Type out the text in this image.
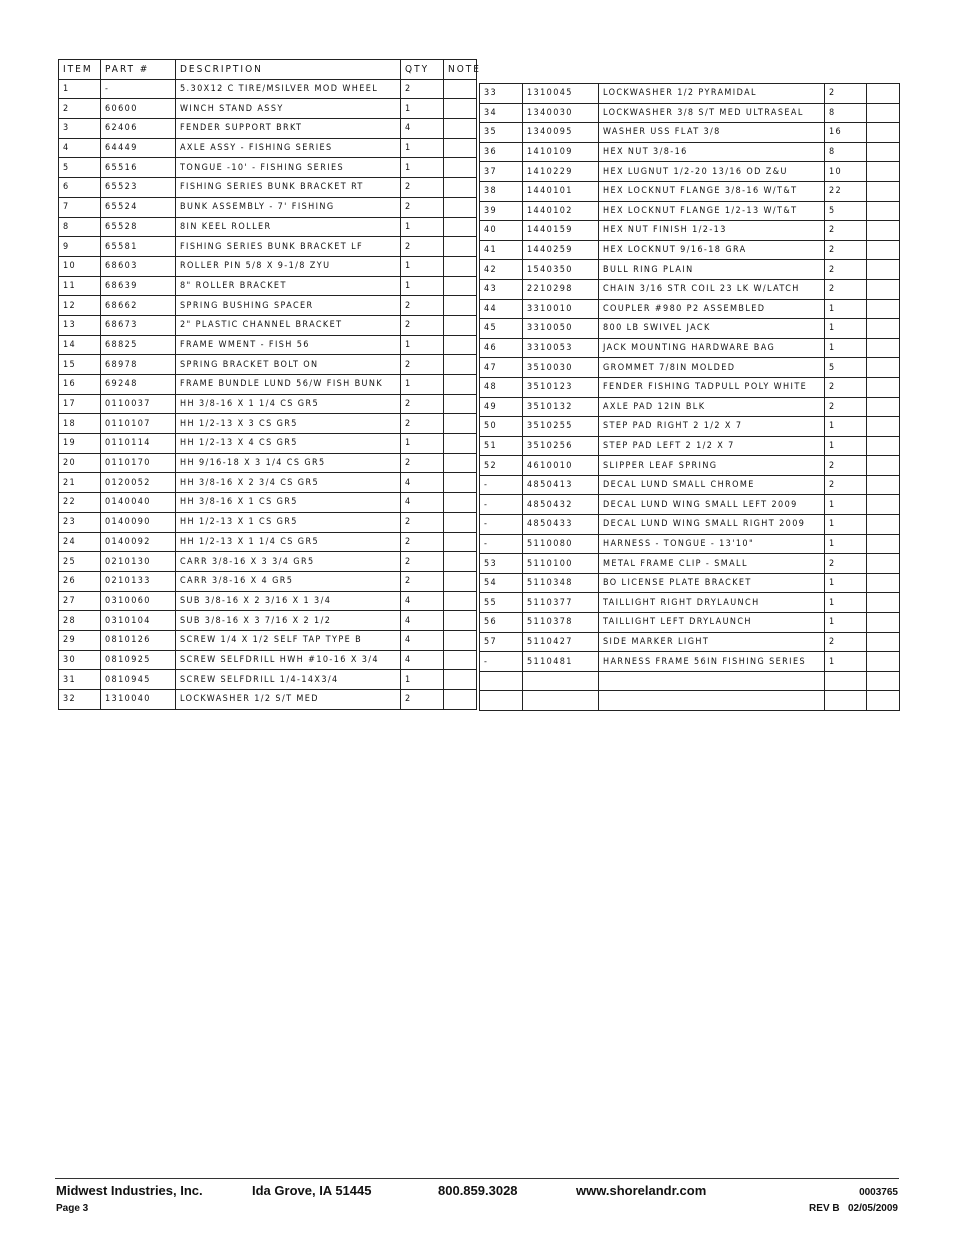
ITEM	PART #	DESCRIPTION	QTY	NOTE
1	-	5.30X12 C TIRE/MSILVER MOD WHEEL	2	
2	60600	WINCH STAND ASSY	1	
3	62406	FENDER SUPPORT BRKT	4	
4	64449	AXLE ASSY - FISHING SERIES	1	
5	65516	TONGUE -10' - FISHING SERIES	1	
6	65523	FISHING SERIES BUNK BRACKET RT	2	
7	65524	BUNK ASSEMBLY - 7' FISHING	2	
8	65528	8IN KEEL ROLLER	1	
9	65581	FISHING SERIES BUNK BRACKET LF	2	
10	68603	ROLLER PIN 5/8 X 9-1/8 ZYU	1	
11	68639	8" ROLLER BRACKET	1	
12	68662	SPRING BUSHING SPACER	2	
13	68673	2" PLASTIC CHANNEL BRACKET	2	
14	68825	FRAME WMENT - FISH 56	1	
15	68978	SPRING BRACKET BOLT ON	2	
16	69248	FRAME BUNDLE LUND 56/W FISH BUNK	1	
17	0110037	HH 3/8-16 X 1 1/4 CS GR5	2	
18	0110107	HH 1/2-13 X 3 CS GR5	2	
19	0110114	HH 1/2-13 X 4 CS GR5	1	
20	0110170	HH 9/16-18 X 3 1/4 CS GR5	2	
21	0120052	HH 3/8-16 X 2 3/4 CS GR5	4	
22	0140040	HH 3/8-16 X 1 CS GR5	4	
23	0140090	HH 1/2-13 X 1 CS GR5	2	
24	0140092	HH 1/2-13 X 1 1/4 CS GR5	2	
25	0210130	CARR 3/8-16 X 3 3/4 GR5	2	
26	0210133	CARR 3/8-16 X 4 GR5	2	
27	0310060	SUB 3/8-16 X 2 3/16 X 1 3/4	4	
28	0310104	SUB 3/8-16 X 3 7/16 X 2 1/2	4	
29	0810126	SCREW 1/4 X 1/2 SELF TAP TYPE B	4	
30	0810925	SCREW SELFDRILL HWH #10-16 X 3/4	4	
31	0810945	SCREW SELFDRILL 1/4-14X3/4	1	
32	1310040	LOCKWASHER 1/2 S/T MED	2	
33	1310045	LOCKWASHER 1/2 PYRAMIDAL	2	
34	1340030	LOCKWASHER 3/8 S/T MED ULTRASEAL	8	
35	1340095	WASHER USS FLAT 3/8	16	
36	1410109	HEX NUT 3/8-16	8	
37	1410229	HEX LUGNUT 1/2-20 13/16 OD Z&U	10	
38	1440101	HEX LOCKNUT FLANGE 3/8-16 W/T&T	22	
39	1440102	HEX LOCKNUT FLANGE 1/2-13 W/T&T	5	
40	1440159	HEX NUT FINISH 1/2-13	2	
41	1440259	HEX LOCKNUT 9/16-18 GRA	2	
42	1540350	BULL RING PLAIN	2	
43	2210298	CHAIN 3/16 STR COIL 23 LK W/LATCH	2	
44	3310010	COUPLER #980 P2 ASSEMBLED	1	
45	3310050	800 LB SWIVEL JACK	1	
46	3310053	JACK MOUNTING HARDWARE BAG	1	
47	3510030	GROMMET 7/8IN MOLDED	5	
48	3510123	FENDER FISHING TADPULL POLY WHITE	2	
49	3510132	AXLE PAD 12IN BLK	2	
50	3510255	STEP PAD RIGHT 2 1/2 X 7	1	
51	3510256	STEP PAD LEFT 2 1/2 X 7	1	
52	4610010	SLIPPER LEAF SPRING	2	
-	4850413	DECAL LUND SMALL CHROME	2	
-	4850432	DECAL LUND WING SMALL LEFT 2009	1	
-	4850433	DECAL LUND WING SMALL RIGHT 2009	1	
-	5110080	HARNESS - TONGUE - 13'10"	1	
53	5110100	METAL FRAME CLIP - SMALL	2	
54	5110348	BO LICENSE PLATE BRACKET	1	
55	5110377	TAILLIGHT RIGHT DRYLAUNCH	1	
56	5110378	TAILLIGHT LEFT DRYLAUNCH	1	
57	5110427	SIDE MARKER LIGHT	2	
-	5110481	HARNESS FRAME 56IN FISHING SERIES	1	

Midwest Industries, Inc.	Ida Grove, IA 51445	800.859.3028	www.shorelandr.com	0003765
Page 3	REV B   02/05/2009
